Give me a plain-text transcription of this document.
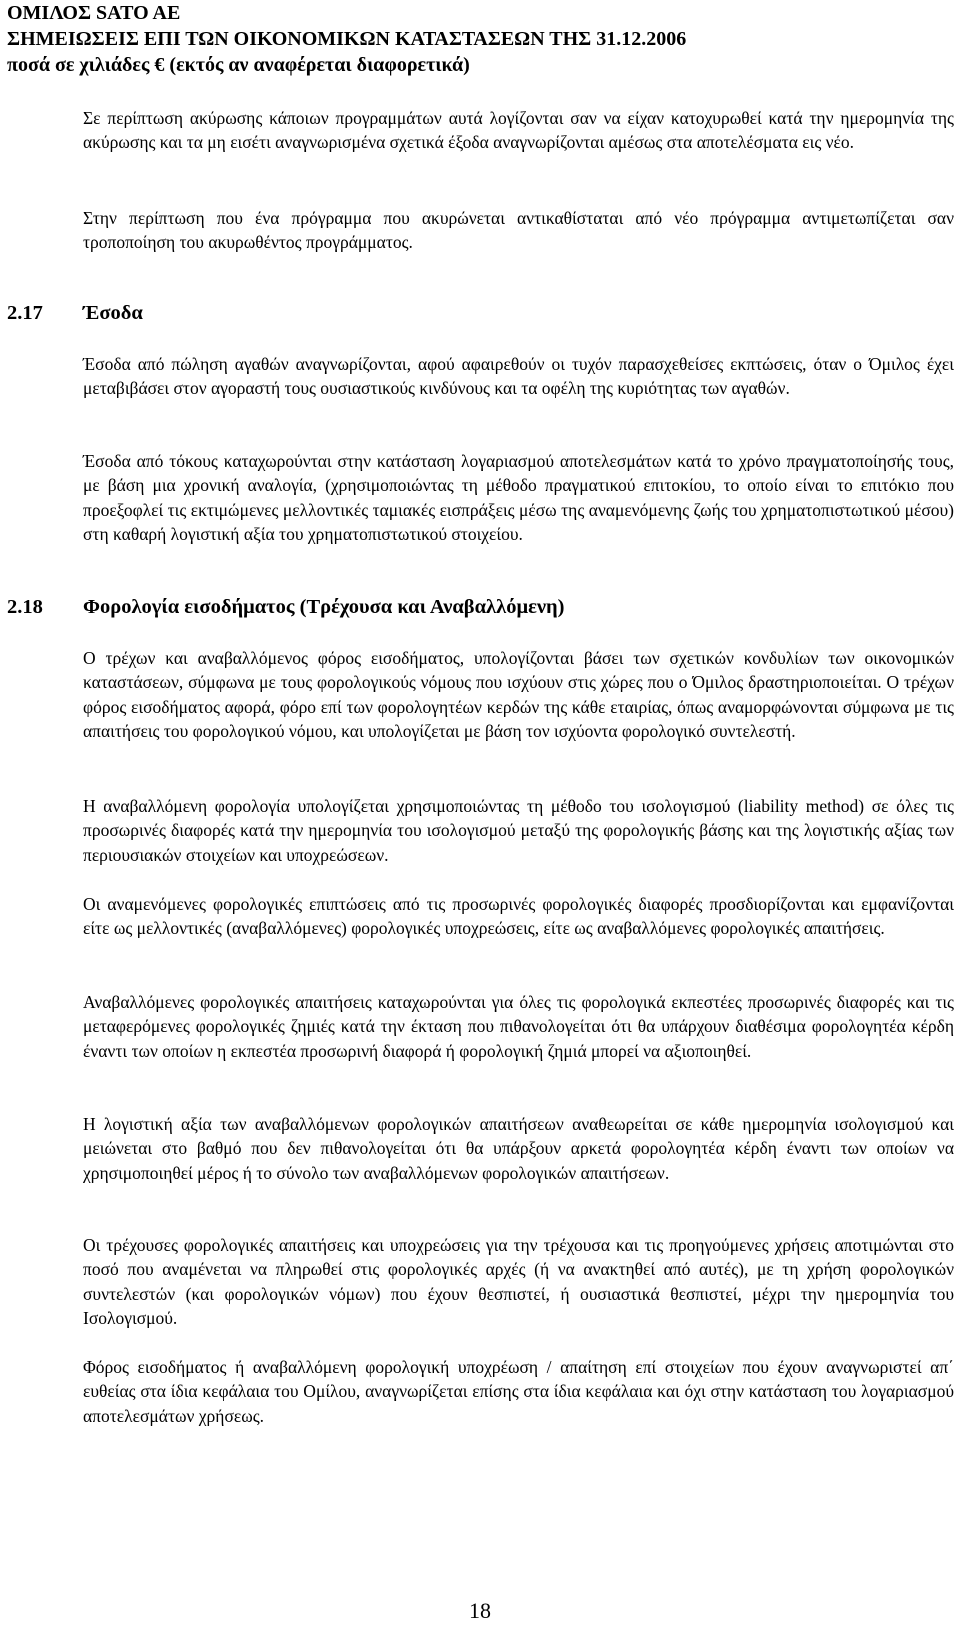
ΟΜΙΛΟΣ SATO AE

ΣΗΜΕΙΩΣΕΙΣ ΕΠΙ ΤΩΝ ΟΙΚΟΝΟΜΙΚΩΝ ΚΑΤΑΣΤΑΣΕΩΝ ΤΗΣ 31.12.2006

ποσά σε χιλιάδες € (εκτός αν αναφέρεται διαφορετικά)

Σε περίπτωση ακύρωσης κάποιων προγραμμάτων αυτά λογίζονται σαν να είχαν κατοχυρωθεί κατά την ημερομηνία της ακύρωσης και τα μη εισέτι αναγνωρισμένα σχετικά έξοδα αναγνωρίζονται αμέσως στα αποτελέσματα εις νέο.

Στην περίπτωση που ένα πρόγραμμα που ακυρώνεται αντικαθίσταται από νέο πρόγραμμα αντιμετωπίζεται σαν τροποποίηση του ακυρωθέντος προγράμματος.

2.17 Έσοδα

Έσοδα από πώληση αγαθών αναγνωρίζονται, αφού αφαιρεθούν οι τυχόν παρασχεθείσες εκπτώσεις, όταν ο Όμιλος έχει μεταβιβάσει στον αγοραστή τους ουσιαστικούς κινδύνους και τα οφέλη της κυριότητας των αγαθών.

Έσοδα από τόκους καταχωρούνται στην κατάσταση λογαριασμού αποτελεσμάτων κατά το χρόνο πραγματοποίησής τους, με βάση μια χρονική αναλογία, (χρησιμοποιώντας τη μέθοδο πραγματικού επιτοκίου, το οποίο είναι το επιτόκιο που προεξοφλεί τις εκτιμώμενες μελλοντικές ταμιακές εισπράξεις μέσω της αναμενόμενης ζωής του χρηματοπιστωτικού μέσου) στη καθαρή λογιστική αξία του χρηματοπιστωτικού στοιχείου.

2.18 Φορολογία εισοδήματος (Τρέχουσα και Αναβαλλόμενη)

Ο τρέχων και αναβαλλόμενος φόρος εισοδήματος, υπολογίζονται βάσει των σχετικών κονδυλίων των οικονομικών καταστάσεων, σύμφωνα με τους φορολογικούς νόμους που ισχύουν στις χώρες που ο Όμιλος δραστηριοποιείται. Ο τρέχων φόρος εισοδήματος αφορά, φόρο επί των φορολογητέων κερδών της κάθε εταιρίας, όπως αναμορφώνονται σύμφωνα με τις απαιτήσεις του φορολογικού νόμου, και υπολογίζεται με βάση τον ισχύοντα φορολογικό συντελεστή.

Η αναβαλλόμενη φορολογία υπολογίζεται χρησιμοποιώντας τη μέθοδο του ισολογισμού (liability method) σε όλες τις προσωρινές διαφορές κατά την ημερομηνία του ισολογισμού μεταξύ της φορολογικής βάσης και της λογιστικής αξίας των περιουσιακών στοιχείων και υποχρεώσεων.

Οι αναμενόμενες φορολογικές επιπτώσεις από τις προσωρινές φορολογικές διαφορές προσδιορίζονται και εμφανίζονται είτε ως μελλοντικές (αναβαλλόμενες) φορολογικές υποχρεώσεις, είτε ως αναβαλλόμενες φορολογικές απαιτήσεις.

Αναβαλλόμενες φορολογικές απαιτήσεις καταχωρούνται για όλες τις φορολογικά εκπεστέες προσωρινές διαφορές και τις μεταφερόμενες φορολογικές ζημιές κατά την έκταση που πιθανολογείται ότι θα υπάρχουν διαθέσιμα φορολογητέα κέρδη έναντι των οποίων η εκπεστέα προσωρινή διαφορά ή φορολογική ζημιά μπορεί να αξιοποιηθεί.

Η λογιστική αξία των αναβαλλόμενων φορολογικών απαιτήσεων αναθεωρείται σε κάθε ημερομηνία ισολογισμού και μειώνεται στο βαθμό που δεν πιθανολογείται ότι θα υπάρξουν αρκετά φορολογητέα κέρδη έναντι των οποίων να χρησιμοποιηθεί μέρος ή το σύνολο των αναβαλλόμενων φορολογικών απαιτήσεων.

Οι τρέχουσες φορολογικές απαιτήσεις και υποχρεώσεις για την τρέχουσα και τις προηγούμενες χρήσεις αποτιμώνται στο ποσό που αναμένεται να πληρωθεί στις φορολογικές αρχές (ή να ανακτηθεί από αυτές), με τη χρήση φορολογικών συντελεστών (και φορολογικών νόμων) που έχουν θεσπιστεί, ή ουσιαστικά θεσπιστεί, μέχρι την ημερομηνία του Ισολογισμού.

Φόρος εισοδήματος ή αναβαλλόμενη φορολογική υποχρέωση / απαίτηση επί στοιχείων που έχουν αναγνωριστεί απ΄ ευθείας στα ίδια κεφάλαια του Ομίλου, αναγνωρίζεται επίσης στα ίδια κεφάλαια και όχι στην κατάσταση του λογαριασμού αποτελεσμάτων χρήσεως.

18
